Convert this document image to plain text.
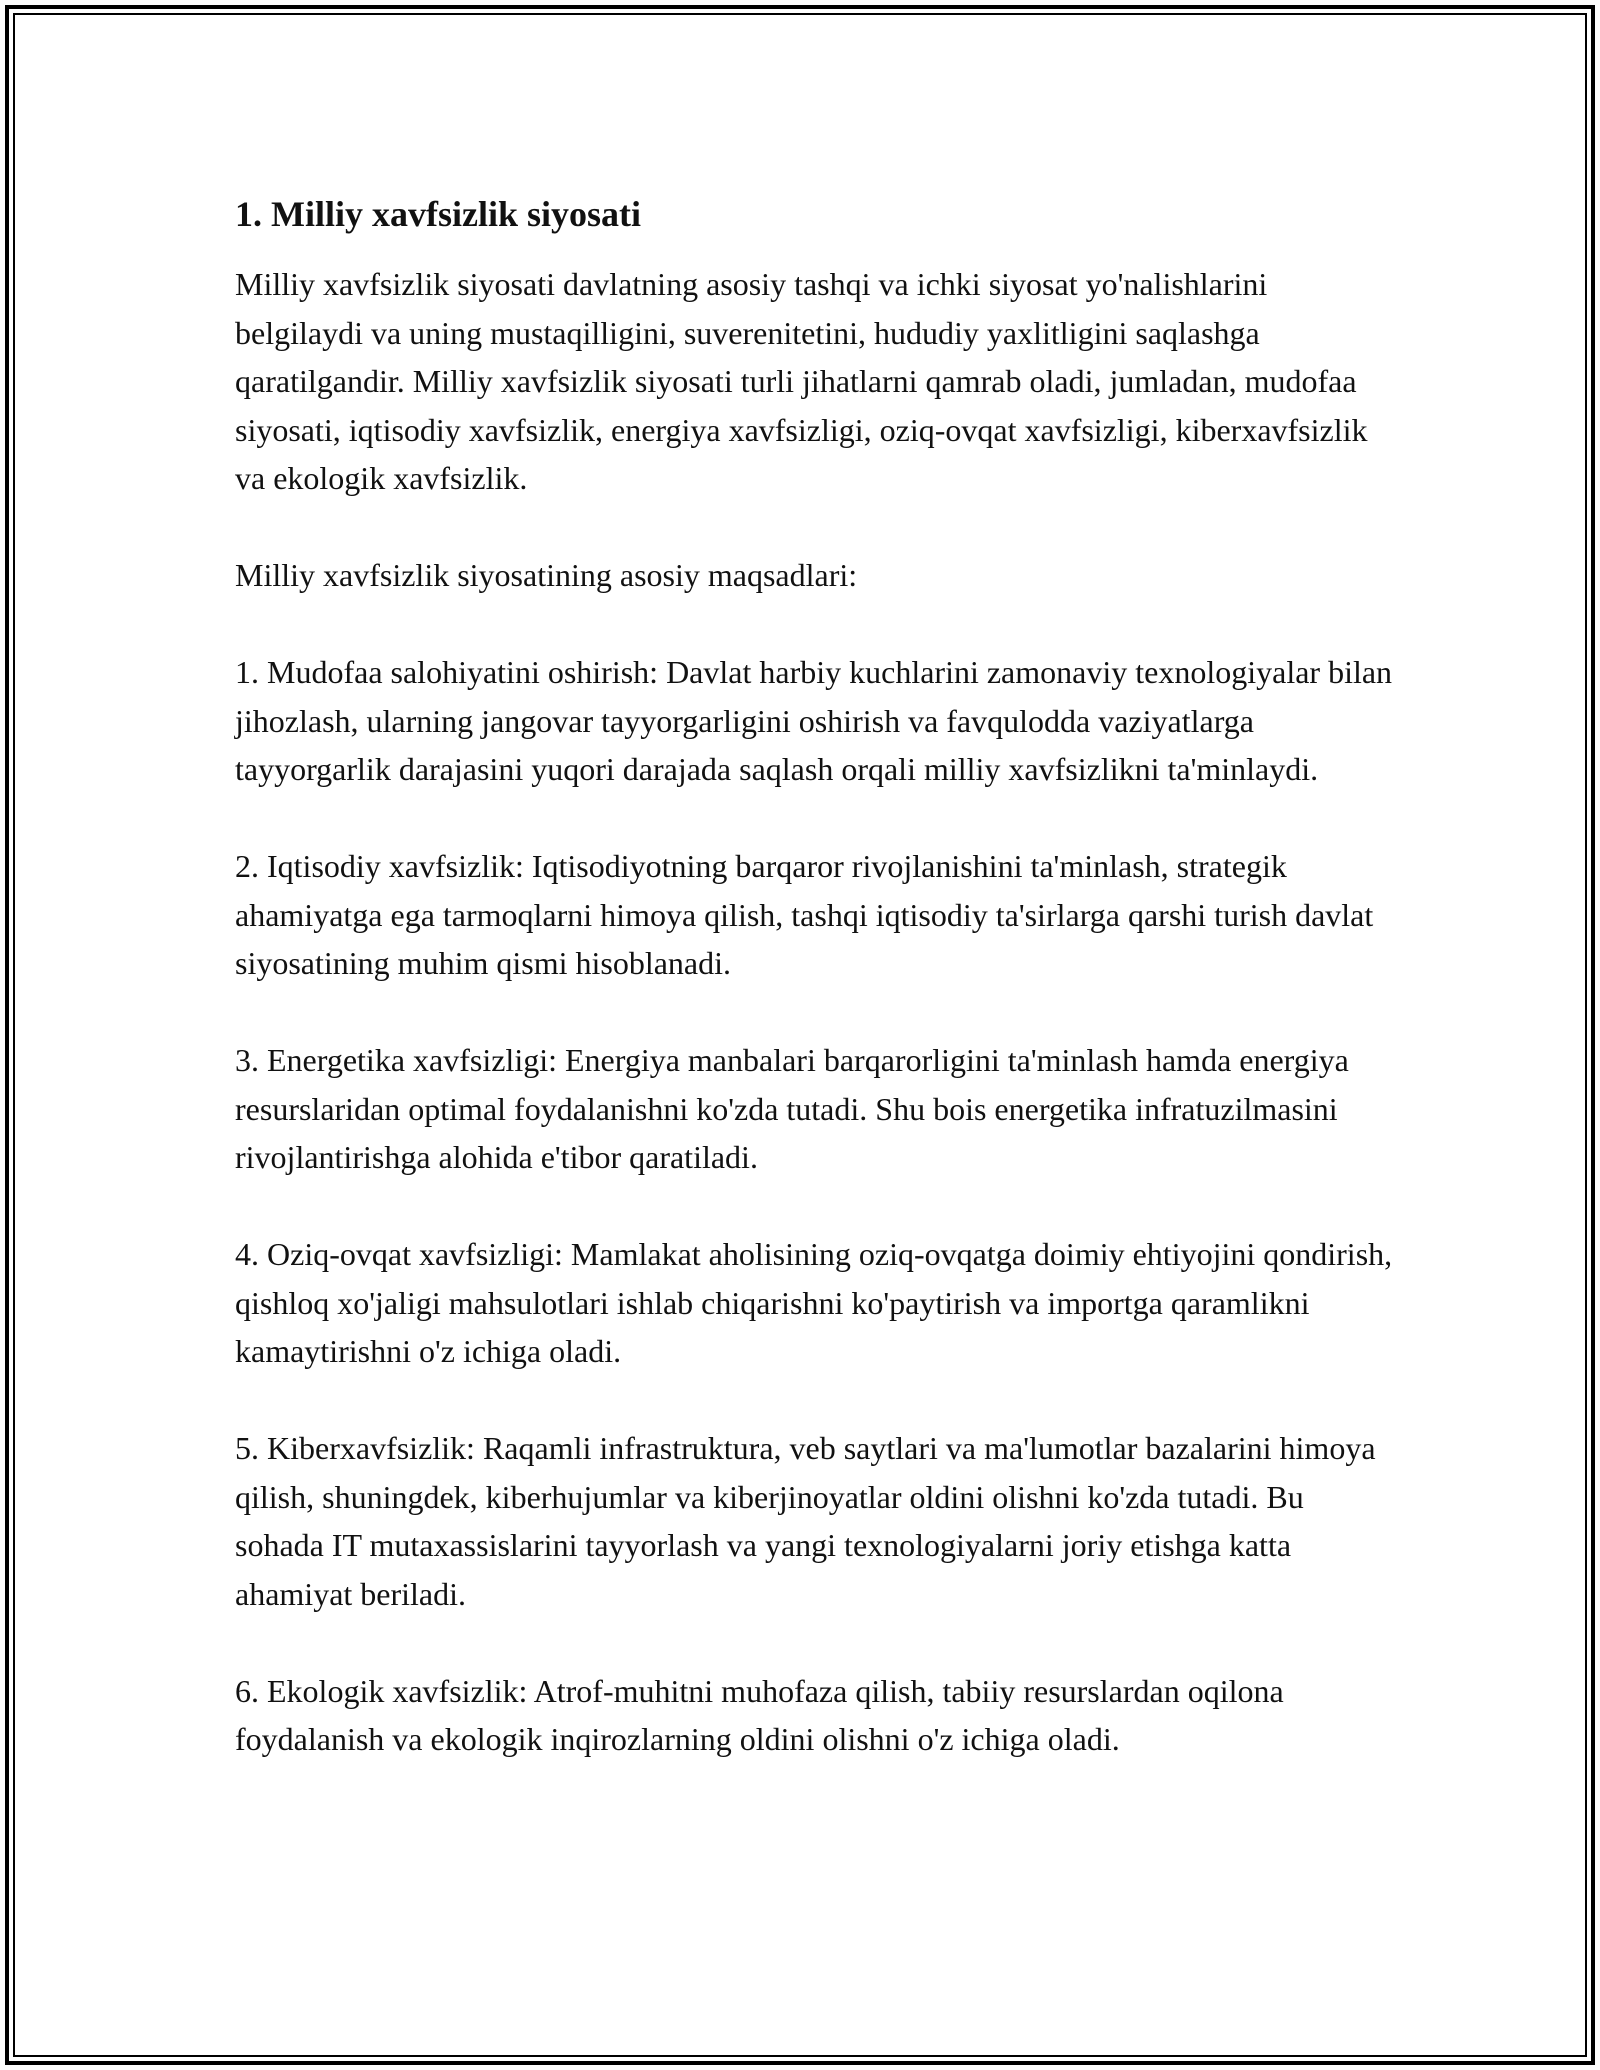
1. Milliy xavfsizlik siyosati

Milliy xavfsizlik siyosati davlatning asosiy tashqi va ichki siyosat yo'nalishlarini belgilaydi va uning mustaqilligini, suverenitetini, hududiy yaxlitligini saqlashga qaratilgandir. Milliy xavfsizlik siyosati turli jihatlarni qamrab oladi, jumladan, mudofaa siyosati, iqtisodiy xavfsizlik, energiya xavfsizligi, oziq-ovqat xavfsizligi, kiberxavfsizlik va ekologik xavfsizlik.

Milliy xavfsizlik siyosatining asosiy maqsadlari:

1. Mudofaa salohiyatini oshirish: Davlat harbiy kuchlarini zamonaviy texnologiyalar bilan jihozlash, ularning jangovar tayyorgarligini oshirish va favqulodda vaziyatlarga tayyorgarlik darajasini yuqori darajada saqlash orqali milliy xavfsizlikni ta'minlaydi.

2. Iqtisodiy xavfsizlik: Iqtisodiyotning barqaror rivojlanishini ta'minlash, strategik ahamiyatga ega tarmoqlarni himoya qilish, tashqi iqtisodiy ta'sirlarga qarshi turish davlat siyosatining muhim qismi hisoblanadi.

3. Energetika xavfsizligi: Energiya manbalari barqarorligini ta'minlash hamda energiya resurslaridan optimal foydalanishni ko'zda tutadi. Shu bois energetika infratuzilmasini rivojlantirishga alohida e'tibor qaratiladi.

4. Oziq-ovqat xavfsizligi: Mamlakat aholisining oziq-ovqatga doimiy ehtiyojini qondirish, qishloq xo'jaligi mahsulotlari ishlab chiqarishni ko'paytirish va importga qaramlikni kamaytirishni o'z ichiga oladi.

5. Kiberxavfsizlik: Raqamli infrastruktura, veb saytlari va ma'lumotlar bazalarini himoya qilish, shuningdek, kiberhujumlar va kiberjinoyatlar oldini olishni ko'zda tutadi. Bu sohada IT mutaxassislarini tayyorlash va yangi texnologiyalarni joriy etishga katta ahamiyat beriladi.

6. Ekologik xavfsizlik: Atrof-muhitni muhofaza qilish, tabiiy resurslardan oqilona foydalanish va ekologik inqirozlarning oldini olishni o'z ichiga oladi.
